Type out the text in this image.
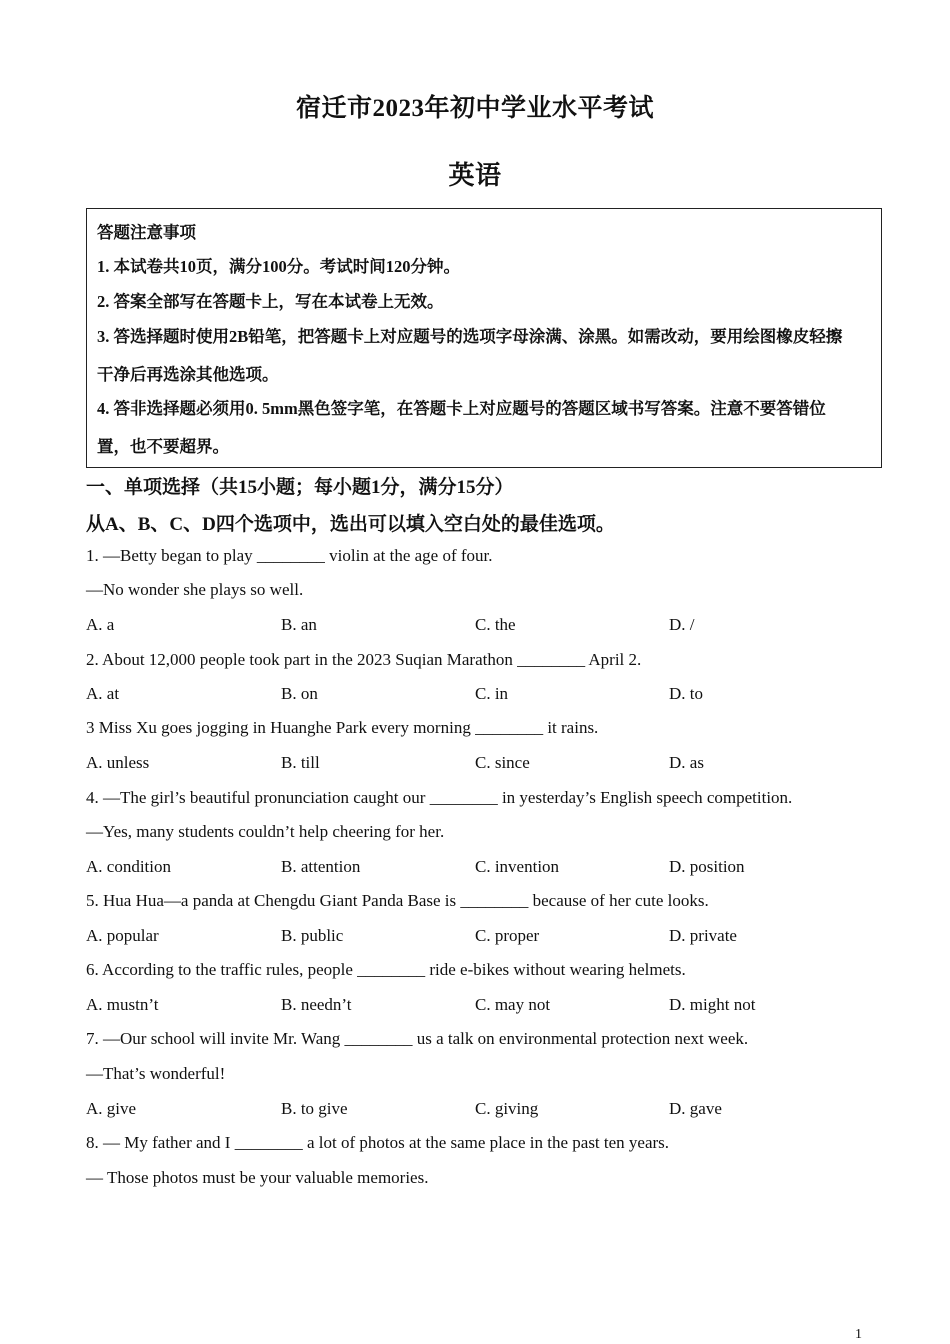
宿迁市2023年初中学业水平考试
英语
答题注意事项
1. 本试卷共10页，满分100分。考试时间120分钟。
2. 答案全部写在答题卡上，写在本试卷上无效。
3. 答选择题时使用2B铅笔，把答题卡上对应题号的选项字母涂满、涂黑。如需改动，要用绘图橡皮轻擦
干净后再选涂其他选项。
4. 答非选择题必须用0. 5mm黑色签字笔，在答题卡上对应题号的答题区域书写答案。注意不要答错位
置，也不要超界。
一、单项选择（共15小题；每小题1分，满分15分）
从A、B、C、D四个选项中，选出可以填入空白处的最佳选项。
1. —Betty began to play ________ violin at the age of four.
—No wonder she plays so well.
A. a	B. an	C. the	D. /
2. About 12,000 people took part in the 2023 Suqian Marathon ________ April 2.
A. at	B. on	C. in	D. to
3 Miss Xu goes jogging in Huanghe Park every morning ________ it rains.
A. unless	B. till	C. since	D. as
4. —The girl’s beautiful pronunciation caught our ________ in yesterday’s English speech competition.
—Yes, many students couldn’t help cheering for her.
A. condition	B. attention	C. invention	D. position
5. Hua Hua—a panda at Chengdu Giant Panda Base is ________ because of her cute looks.
A. popular	B. public	C. proper	D. private
6. According to the traffic rules, people ________ ride e-bikes without wearing helmets.
A. mustn’t	B. needn’t	C. may not	D. might not
7. —Our school will invite Mr. Wang ________ us a talk on environmental protection next week.
—That’s wonderful!
A. give	B. to give	C. giving	D. gave
8. — My father and I ________ a lot of photos at the same place in the past ten years.
— Those photos must be your valuable memories.
1
